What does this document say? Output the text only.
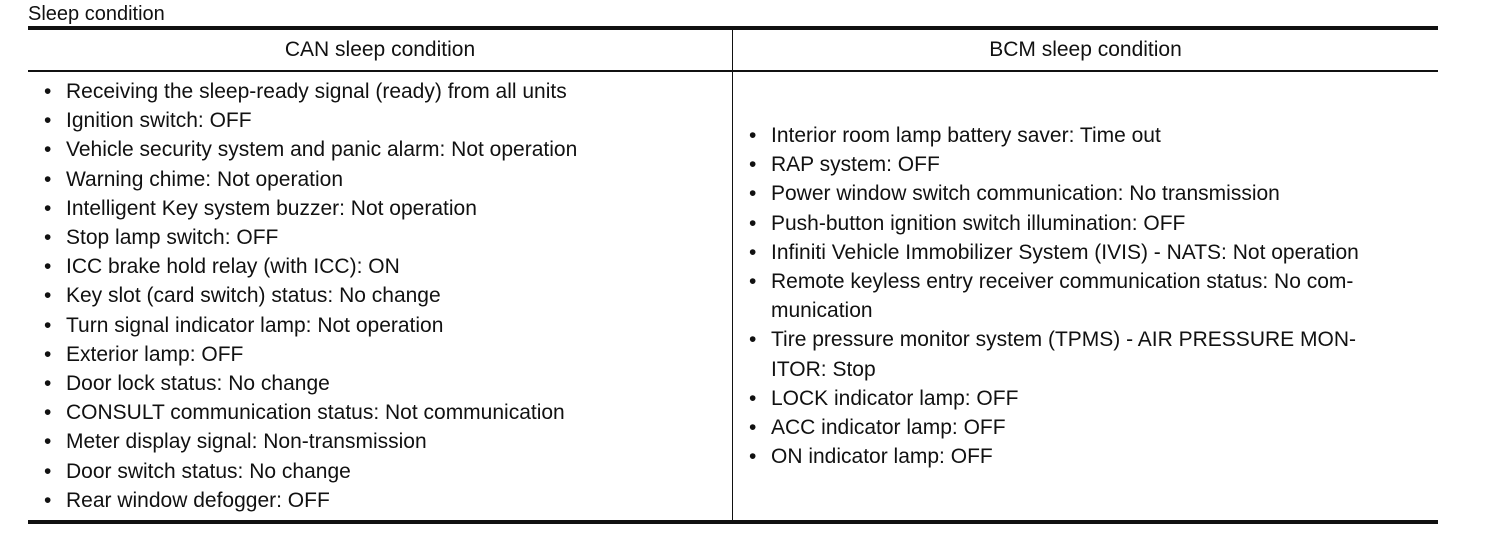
Sleep condition
CAN sleep condition	BCM sleep condition
• Receiving the sleep-ready signal (ready) from all units
• Ignition switch: OFF
• Vehicle security system and panic alarm: Not operation
• Warning chime: Not operation
• Intelligent Key system buzzer: Not operation
• Stop lamp switch: OFF
• ICC brake hold relay (with ICC): ON
• Key slot (card switch) status: No change
• Turn signal indicator lamp: Not operation
• Exterior lamp: OFF
• Door lock status: No change
• CONSULT communication status: Not communication
• Meter display signal: Non-transmission
• Door switch status: No change
• Rear window defogger: OFF
• Interior room lamp battery saver: Time out
• RAP system: OFF
• Power window switch communication: No transmission
• Push-button ignition switch illumination: OFF
• Infiniti Vehicle Immobilizer System (IVIS) - NATS: Not operation
• Remote keyless entry receiver communication status: No com-
munication
• Tire pressure monitor system (TPMS) - AIR PRESSURE MON-
ITOR: Stop
• LOCK indicator lamp: OFF
• ACC indicator lamp: OFF
• ON indicator lamp: OFF
